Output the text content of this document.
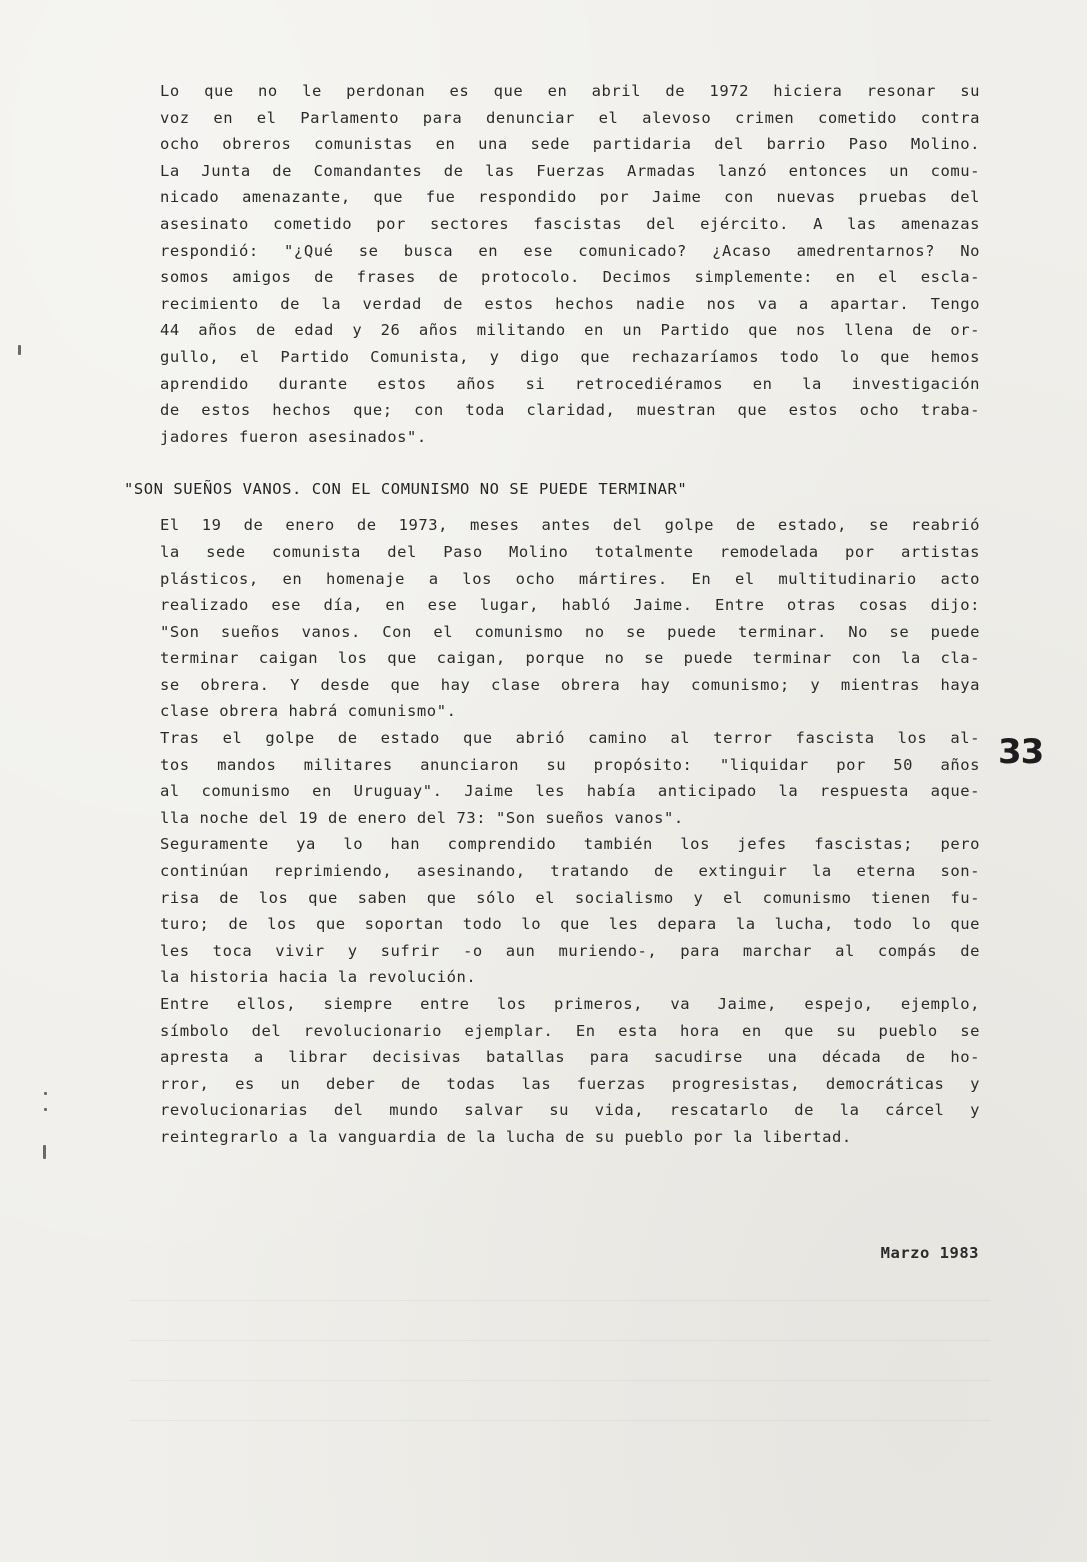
Lo que no le perdonan es que en abril de 1972 hiciera resonar su
voz en el Parlamento para denunciar el alevoso crimen cometido contra
ocho obreros comunistas en una sede partidaria del barrio Paso Molino.
La Junta de Comandantes de las Fuerzas Armadas lanzó entonces un comu-
nicado amenazante, que fue respondido por Jaime con nuevas pruebas del
asesinato cometido por sectores fascistas del ejército. A las amenazas
respondió: "¿Qué se busca en ese comunicado? ¿Acaso amedrentarnos? No
somos amigos de frases de protocolo. Decimos simplemente: en el escla-
recimiento de la verdad de estos hechos nadie nos va a apartar. Tengo
44 años de edad y 26 años militando en un Partido que nos llena de or-
gullo, el Partido Comunista, y digo que rechazaríamos todo lo que hemos
aprendido durante estos años si retrocediéramos en la investigación
de estos hechos que; con toda claridad, muestran que estos ocho traba-
jadores fueron asesinados".

"SON SUEÑOS VANOS. CON EL COMUNISMO NO SE PUEDE TERMINAR"

El 19 de enero de 1973, meses antes del golpe de estado, se reabrió
la sede comunista del Paso Molino totalmente remodelada por artistas
plásticos, en homenaje a los ocho mártires. En el multitudinario acto
realizado ese día, en ese lugar, habló Jaime. Entre otras cosas dijo:
"Son sueños vanos. Con el comunismo no se puede terminar. No se puede
terminar caigan los que caigan, porque no se puede terminar con la cla-
se obrera. Y desde que hay clase obrera hay comunismo; y mientras haya
clase obrera habrá comunismo".

Tras el golpe de estado que abrió camino al terror fascista los al-
tos mandos militares anunciaron su propósito: "liquidar por 50 años
al comunismo en Uruguay". Jaime les había anticipado la respuesta aque-
lla noche del 19 de enero del 73: "Son sueños vanos".

Seguramente ya lo han comprendido también los jefes fascistas; pero
continúan reprimiendo, asesinando, tratando de extinguir la eterna son-
risa de los que saben que sólo el socialismo y el comunismo tienen fu-
turo; de los que soportan todo lo que les depara la lucha, todo lo que
les toca vivir y sufrir -o aun muriendo-, para marchar al compás de
la historia hacia la revolución.

Entre ellos, siempre entre los primeros, va Jaime, espejo, ejemplo,
símbolo del revolucionario ejemplar. En esta hora en que su pueblo se
apresta a librar decisivas batallas para sacudirse una década de ho-
rror, es un deber de todas las fuerzas progresistas, democráticas y
revolucionarias del mundo salvar su vida, rescatarlo de la cárcel y
reintegrarlo a la vanguardia de la lucha de su pueblo por la libertad.

Marzo 1983
33
